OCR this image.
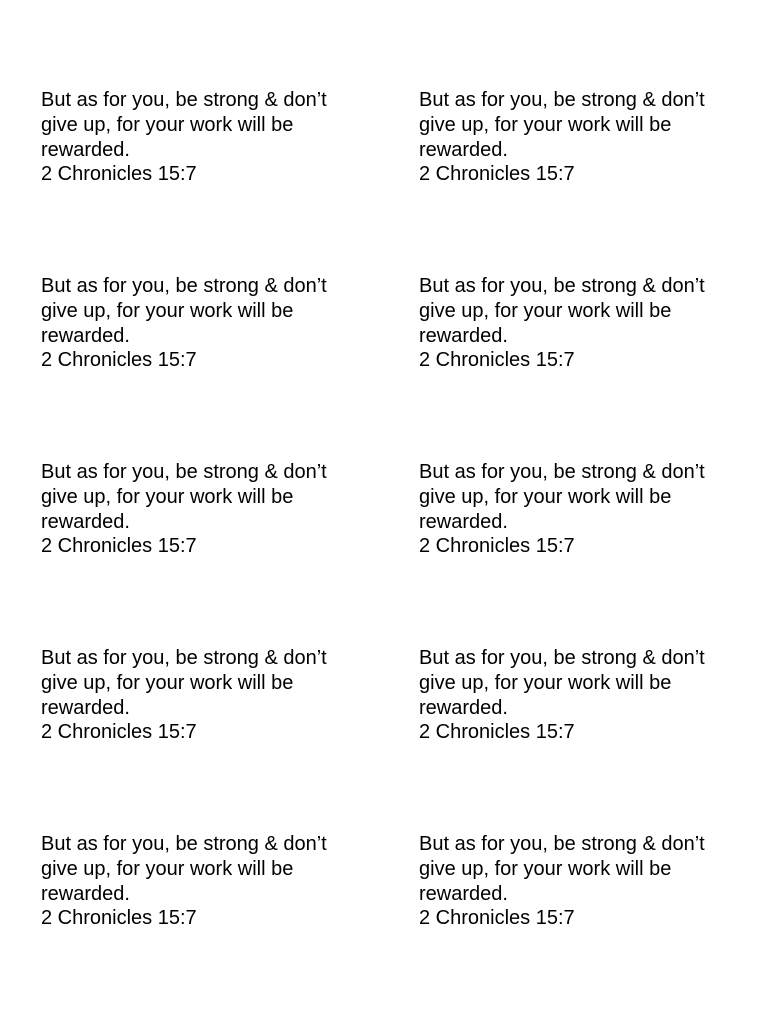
But as for you, be strong & don’t
give up, for your work will be
rewarded.
2 Chronicles 15:7
But as for you, be strong & don’t
give up, for your work will be
rewarded.
2 Chronicles 15:7
But as for you, be strong & don’t
give up, for your work will be
rewarded.
2 Chronicles 15:7
But as for you, be strong & don’t
give up, for your work will be
rewarded.
2 Chronicles 15:7
But as for you, be strong & don’t
give up, for your work will be
rewarded.
2 Chronicles 15:7
But as for you, be strong & don’t
give up, for your work will be
rewarded.
2 Chronicles 15:7
But as for you, be strong & don’t
give up, for your work will be
rewarded.
2 Chronicles 15:7
But as for you, be strong & don’t
give up, for your work will be
rewarded.
2 Chronicles 15:7
But as for you, be strong & don’t
give up, for your work will be
rewarded.
2 Chronicles 15:7
But as for you, be strong & don’t
give up, for your work will be
rewarded.
2 Chronicles 15:7
